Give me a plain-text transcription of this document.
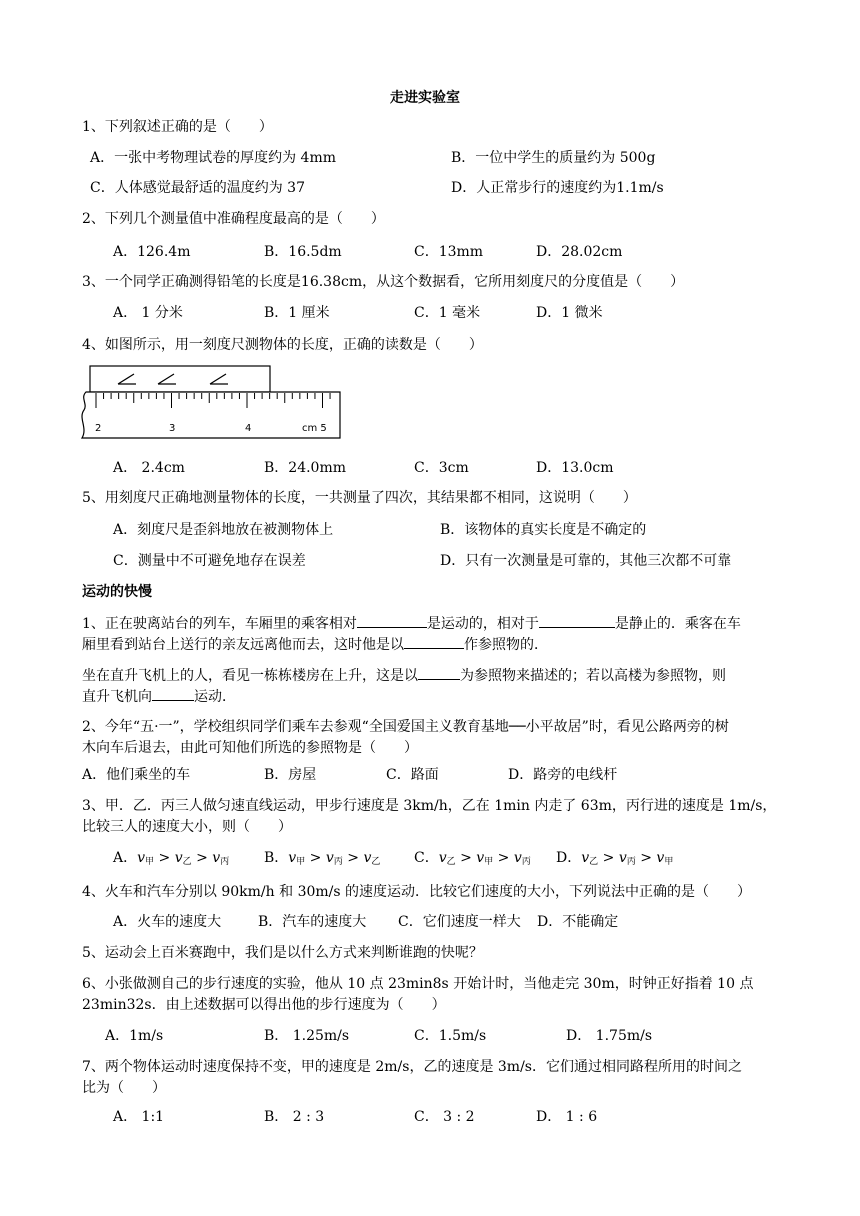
走进实验室
1、下列叙述正确的是（　　）
A．一张中考物理试卷的厚度约为 4mm	B．一位中学生的质量约为 500g
C．人体感觉最舒适的温度约为 37	D．人正常步行的速度约为1.1m/s
2、下列几个测量值中准确程度最高的是（　　）
A．126.4m	B．16.5dm	C．13mm	D．28.02cm
3、一个同学正确测得铅笔的长度是16.38cm，从这个数据看，它所用刻度尺的分度值是（　　）
A． 1 分米	B．1 厘米	C．1 毫米	D．1 微米
4、如图所示，用一刻度尺测物体的长度，正确的读数是（　　）
2	3	4	cm 5
A． 2.4cm	B．24.0mm	C．3cm	D．13.0cm
5、用刻度尺正确地测量物体的长度，一共测量了四次，其结果都不相同，这说明（　　）
A．刻度尺是歪斜地放在被测物体上	B．该物体的真实长度是不确定的
C．测量中不可避免地存在误差	D．只有一次测量是可靠的，其他三次都不可靠
运动的快慢
1、正在驶离站台的列车，车厢里的乘客相对	是运动的，相对于	是静止的．乘客在车
厢里看到站台上送行的亲友远离他而去，这时他是以	作参照物的．
坐在直升飞机上的人，看见一栋栋楼房在上升，这是以	为参照物来描述的；若以高楼为参照物，则
直升飞机向	运动．
2、今年“五·一”，学校组织同学们乘车去参观“全国爱国主义教育基地──小平故居”时，看见公路两旁的树
木向车后退去，由此可知他们所选的参照物是（　　）
A．他们乘坐的车	B．房屋	C．路面	D．路旁的电线杆
3、甲．乙．丙三人做匀速直线运动，甲步行速度是 3km/h，乙在 1min 内走了 63m，丙行进的速度是 1m/s，
比较三人的速度大小，则（　　）
A．$v_甲 > v_乙 > v_丙$ B．$v_甲 > v_丙 > v_乙$ C．$v_乙 > v_甲 > v_丙$ D．$v_乙 > v_丙 > v_甲$
4、火车和汽车分别以 90km/h 和 30m/s 的速度运动．比较它们速度的大小，下列说法中正确的是（　　）
A．火车的速度大	B．汽车的速度大 C．它们速度一样大 D．不能确定
5、运动会上百米赛跑中，我们是以什么方式来判断谁跑的快呢？
6、小张做测自己的步行速度的实验，他从 10 点 23min8s 开始计时，当他走完 30m，时钟正好指着 10 点
23min32s．由上述数据可以得出他的步行速度为（　　）
A．1m/s	B． 1.25m/s	C．1.5m/s	D． 1.75m/s
7、两个物体运动时速度保持不变，甲的速度是 2m/s，乙的速度是 3m/s．它们通过相同路程所用的时间之
比为（　　）
A． 1:1	B． 2 : 3	C． 3 : 2	D． 1 : 6
